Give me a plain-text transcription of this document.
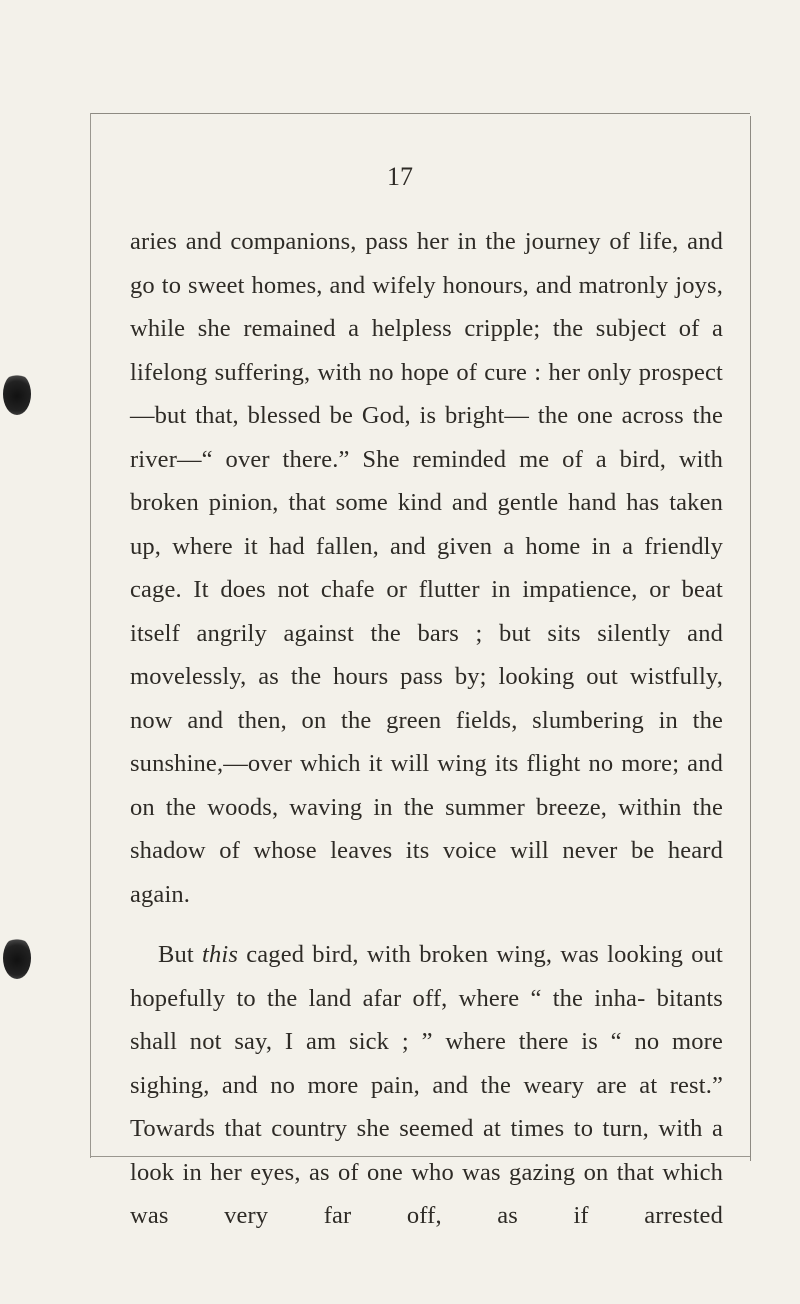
17

aries and companions, pass her in the journey of life, and go to sweet homes, and wifely honours, and matronly joys, while she remained a helpless cripple; the subject of a lifelong suffering, with no hope of cure : her only prospect—but that, blessed be God, is bright— the one across the river—“ over there.” She reminded me of a bird, with broken pinion, that some kind and gentle hand has taken up, where it had fallen, and given a home in a friendly cage. It does not chafe or flutter in impatience, or beat itself angrily against the bars ; but sits silently and movelessly, as the hours pass by; looking out wistfully, now and then, on the green fields, slumbering in the sunshine,—over which it will wing its flight no more; and on the woods, waving in the summer breeze, within the shadow of whose leaves its voice will never be heard again.

But this caged bird, with broken wing, was looking out hopefully to the land afar off, where “ the inha- bitants shall not say, I am sick ; ” where there is “ no more sighing, and no more pain, and the weary are at rest.” Towards that country she seemed at times to turn, with a look in her eyes, as of one who was gazing on that which was very far off, as if arrested
